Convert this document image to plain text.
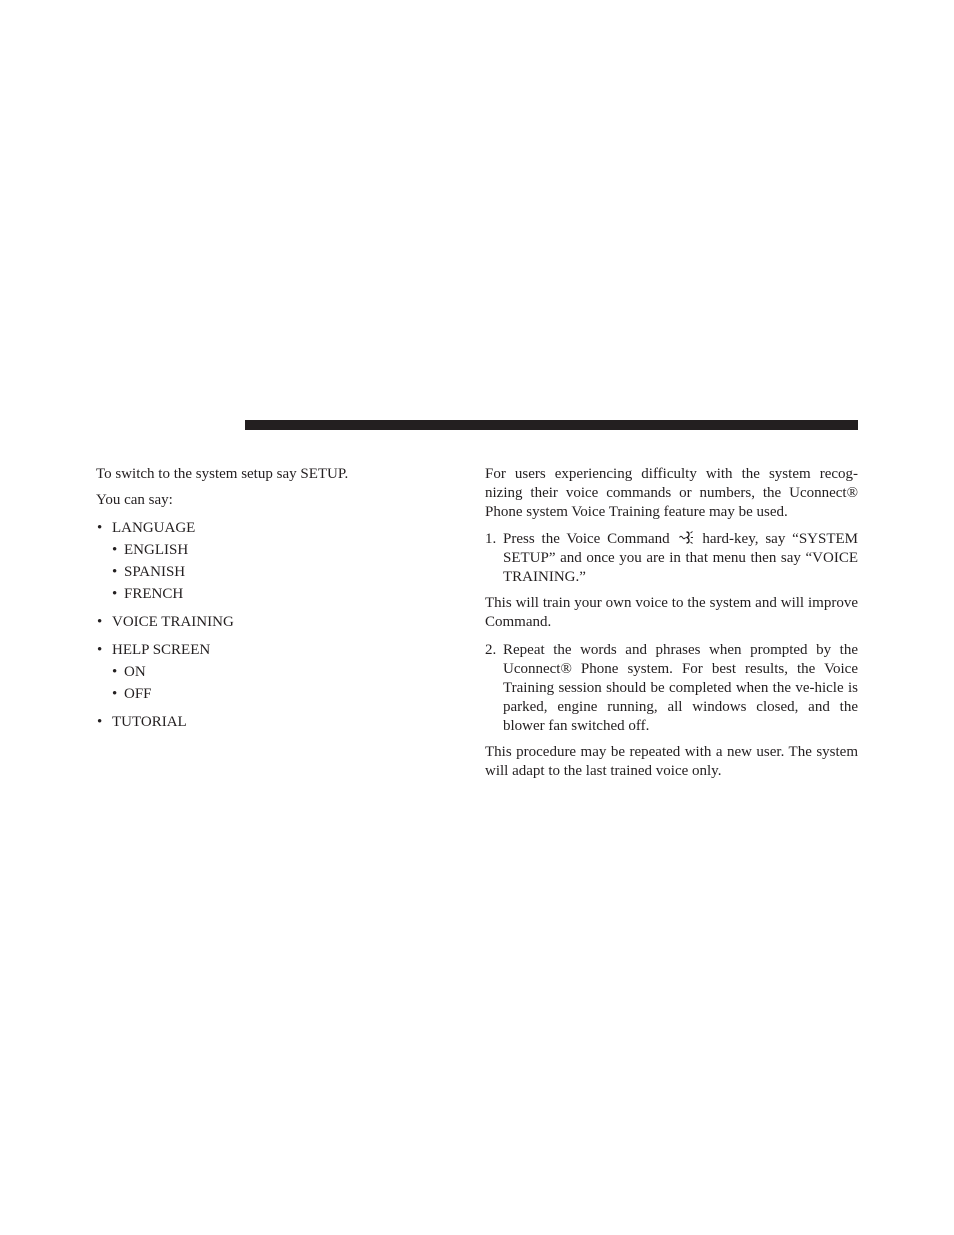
To switch to the system setup say SETUP.

You can say:

• LANGUAGE
• ENGLISH
• SPANISH
• FRENCH
• VOICE TRAINING
• HELP SCREEN
• ON
• OFF
• TUTORIAL

For users experiencing difficulty with the system recog-nizing their voice commands or numbers, the Uconnect® Phone system Voice Training feature may be used.

1. Press the Voice Command hard-key, say “SYSTEM SETUP” and once you are in that menu then say “VOICE TRAINING.”

This will train your own voice to the system and will improve Command.

2. Repeat the words and phrases when prompted by the Uconnect® Phone system. For best results, the Voice Training session should be completed when the ve-hicle is parked, engine running, all windows closed, and the blower fan switched off.

This procedure may be repeated with a new user. The system will adapt to the last trained voice only.
